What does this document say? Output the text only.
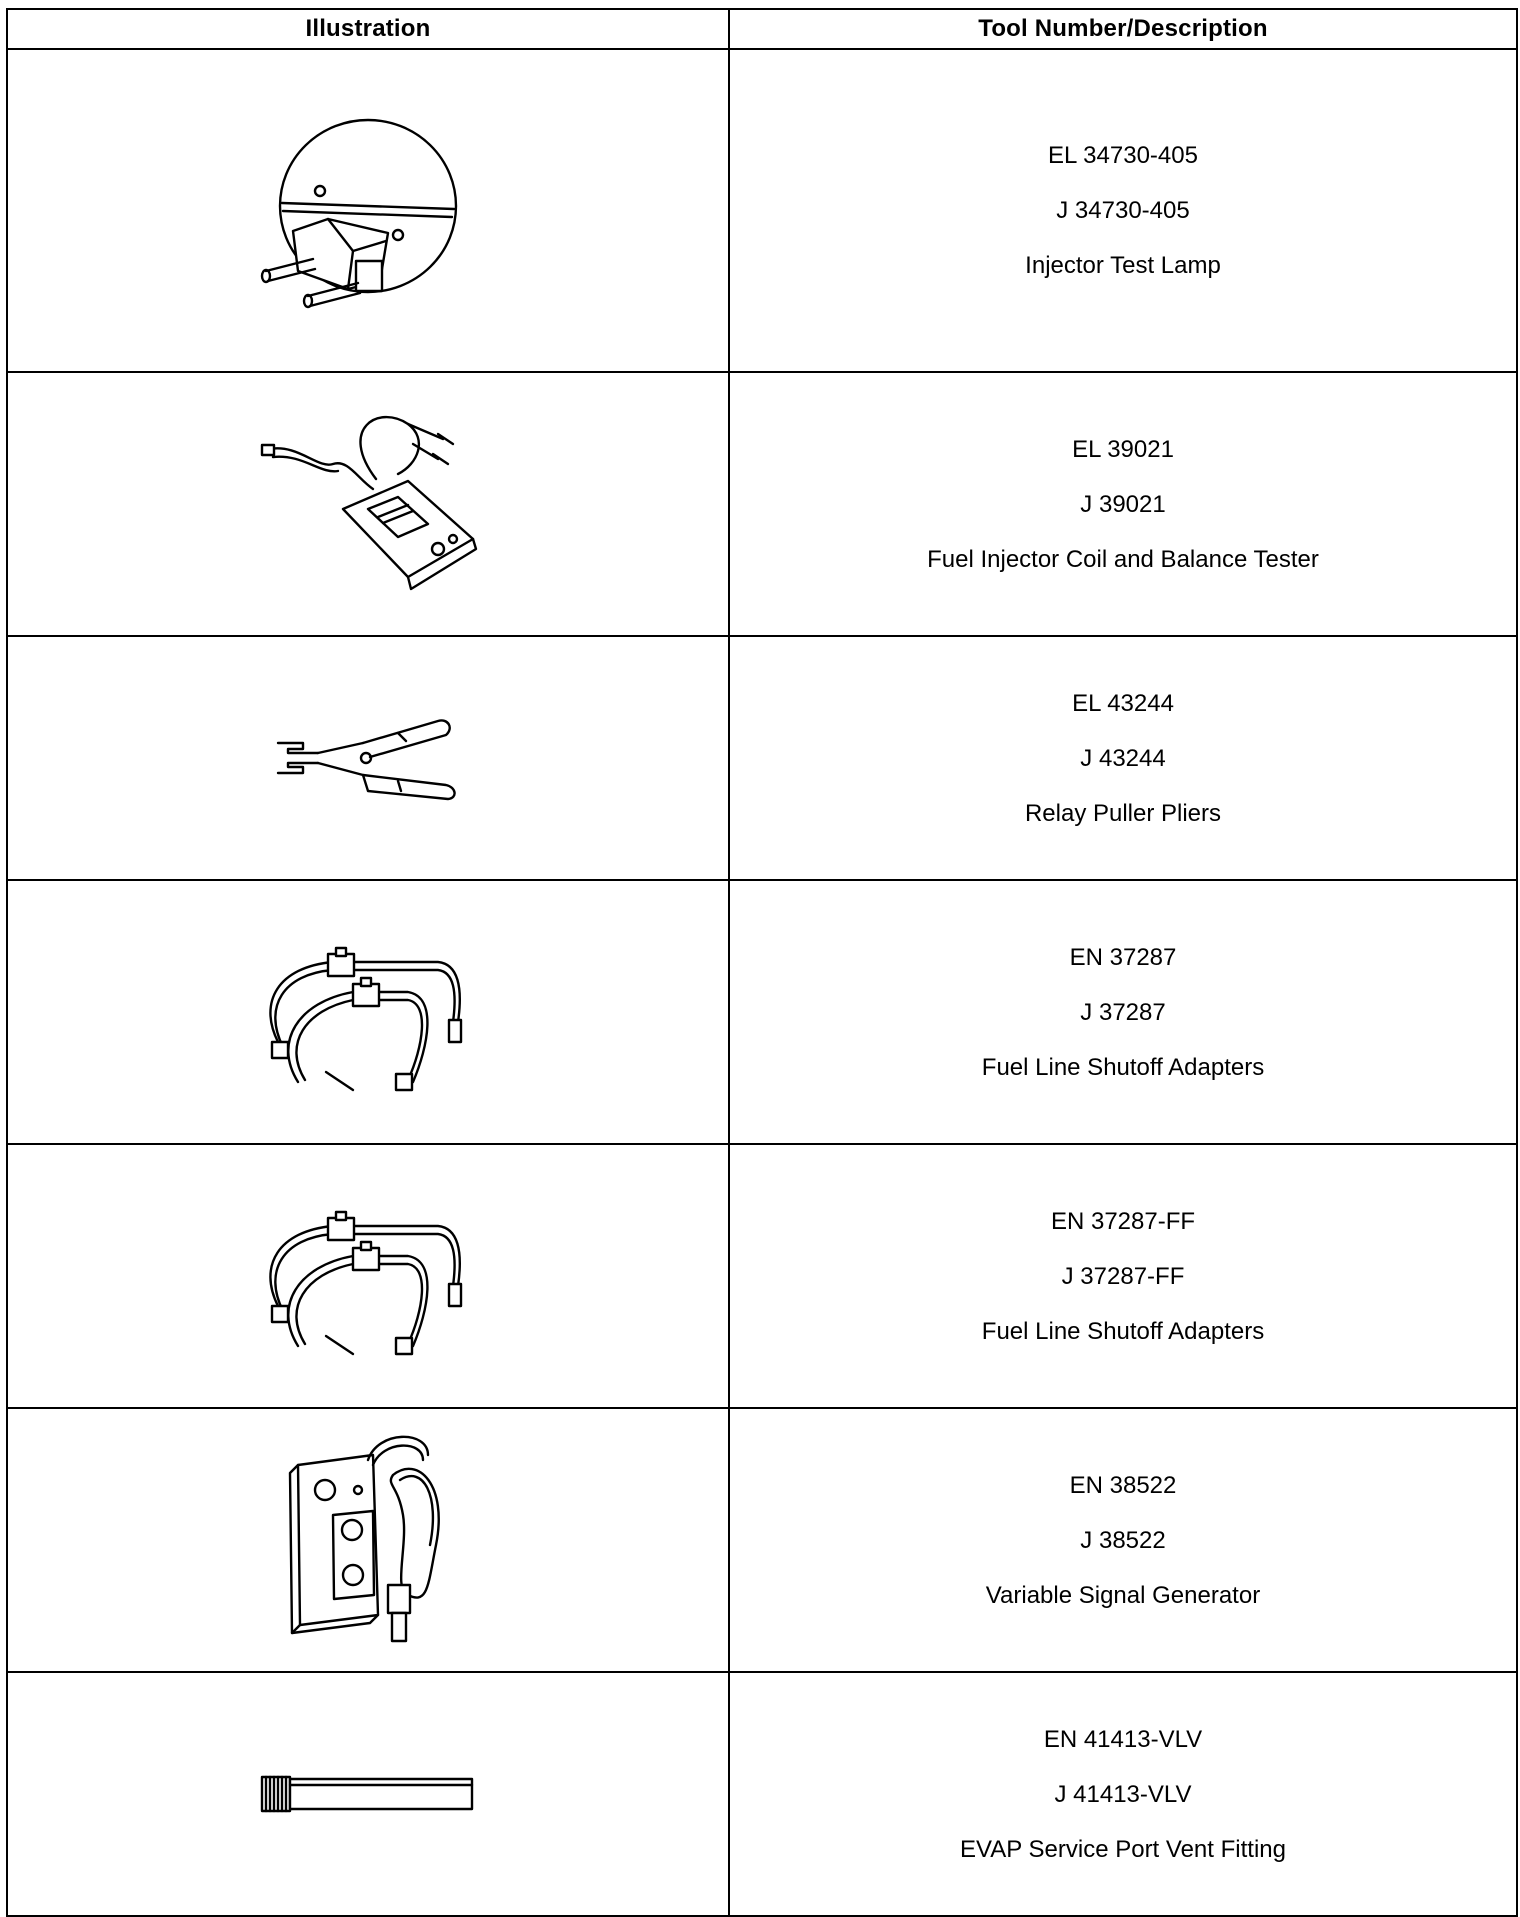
Illustration	Tool Number/Description

EL 34730-405
J 34730-405
Injector Test Lamp

EL 39021
J 39021
Fuel Injector Coil and Balance Tester

EL 43244
J 43244
Relay Puller Pliers

EN 37287
J 37287
Fuel Line Shutoff Adapters

EN 37287-FF
J 37287-FF
Fuel Line Shutoff Adapters

EN 38522
J 38522
Variable Signal Generator

EN 41413-VLV
J 41413-VLV
EVAP Service Port Vent Fitting
